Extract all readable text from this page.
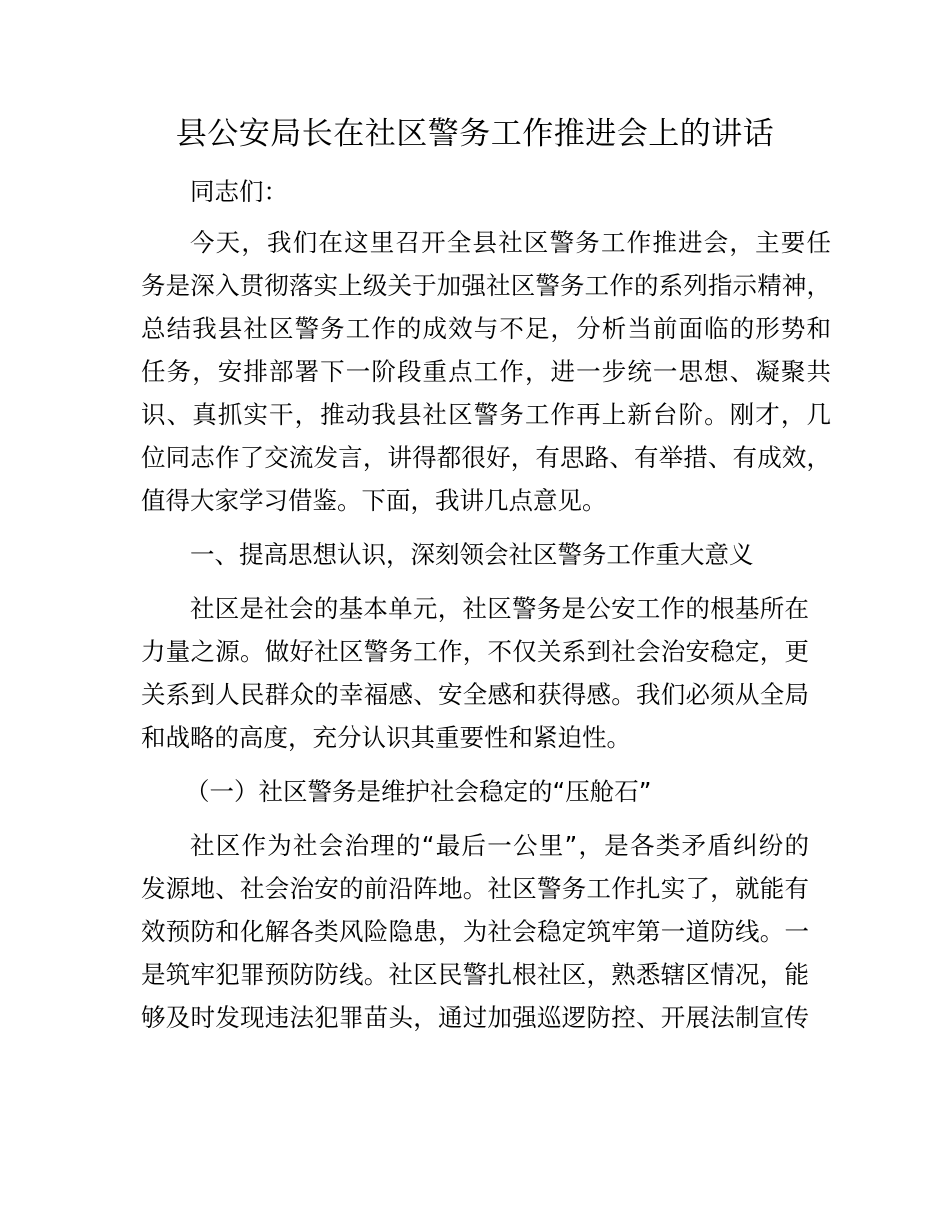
县公安局长在社区警务工作推进会上的讲话
同志们：
今天，我们在这里召开全县社区警务工作推进会，主要任
务是深入贯彻落实上级关于加强社区警务工作的系列指示精神，
总结我县社区警务工作的成效与不足，分析当前面临的形势和
任务，安排部署下一阶段重点工作，进一步统一思想、凝聚共
识、真抓实干，推动我县社区警务工作再上新台阶。刚才，几
位同志作了交流发言，讲得都很好，有思路、有举措、有成效，
值得大家学习借鉴。下面，我讲几点意见。
一、提高思想认识，深刻领会社区警务工作重大意义
社区是社会的基本单元，社区警务是公安工作的根基所在
力量之源。做好社区警务工作，不仅关系到社会治安稳定，更
关系到人民群众的幸福感、安全感和获得感。我们必须从全局
和战略的高度，充分认识其重要性和紧迫性。
（一）社区警务是维护社会稳定的“压舱石”
社区作为社会治理的“最后一公里”，是各类矛盾纠纷的
发源地、社会治安的前沿阵地。社区警务工作扎实了，就能有
效预防和化解各类风险隐患，为社会稳定筑牢第一道防线。一
是筑牢犯罪预防防线。社区民警扎根社区，熟悉辖区情况，能
够及时发现违法犯罪苗头，通过加强巡逻防控、开展法制宣传
